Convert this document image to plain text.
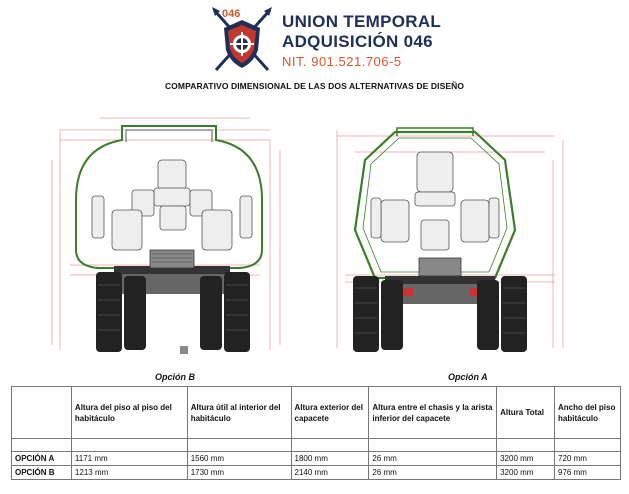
046 UNION TEMPORAL
ADQUISICIÓN 046
NIT. 901.521.706-5
COMPARATIVO DIMENSIONAL DE LAS DOS ALTERNATIVAS DE DISEÑO
Opción B	Opción A
	Altura del piso al piso del habitáculo	Altura útil al interior del habitáculo	Altura exterior del capacete	Altura entre el chasis y la arista inferior del capacete	Altura Total	Ancho del piso habitáculo

OPCIÓN A	1171 mm	1560 mm	1800 mm	26 mm	3200 mm	720 mm
OPCIÓN B	1213 mm	1730 mm	2140 mm	26 mm	3200 mm	976 mm
